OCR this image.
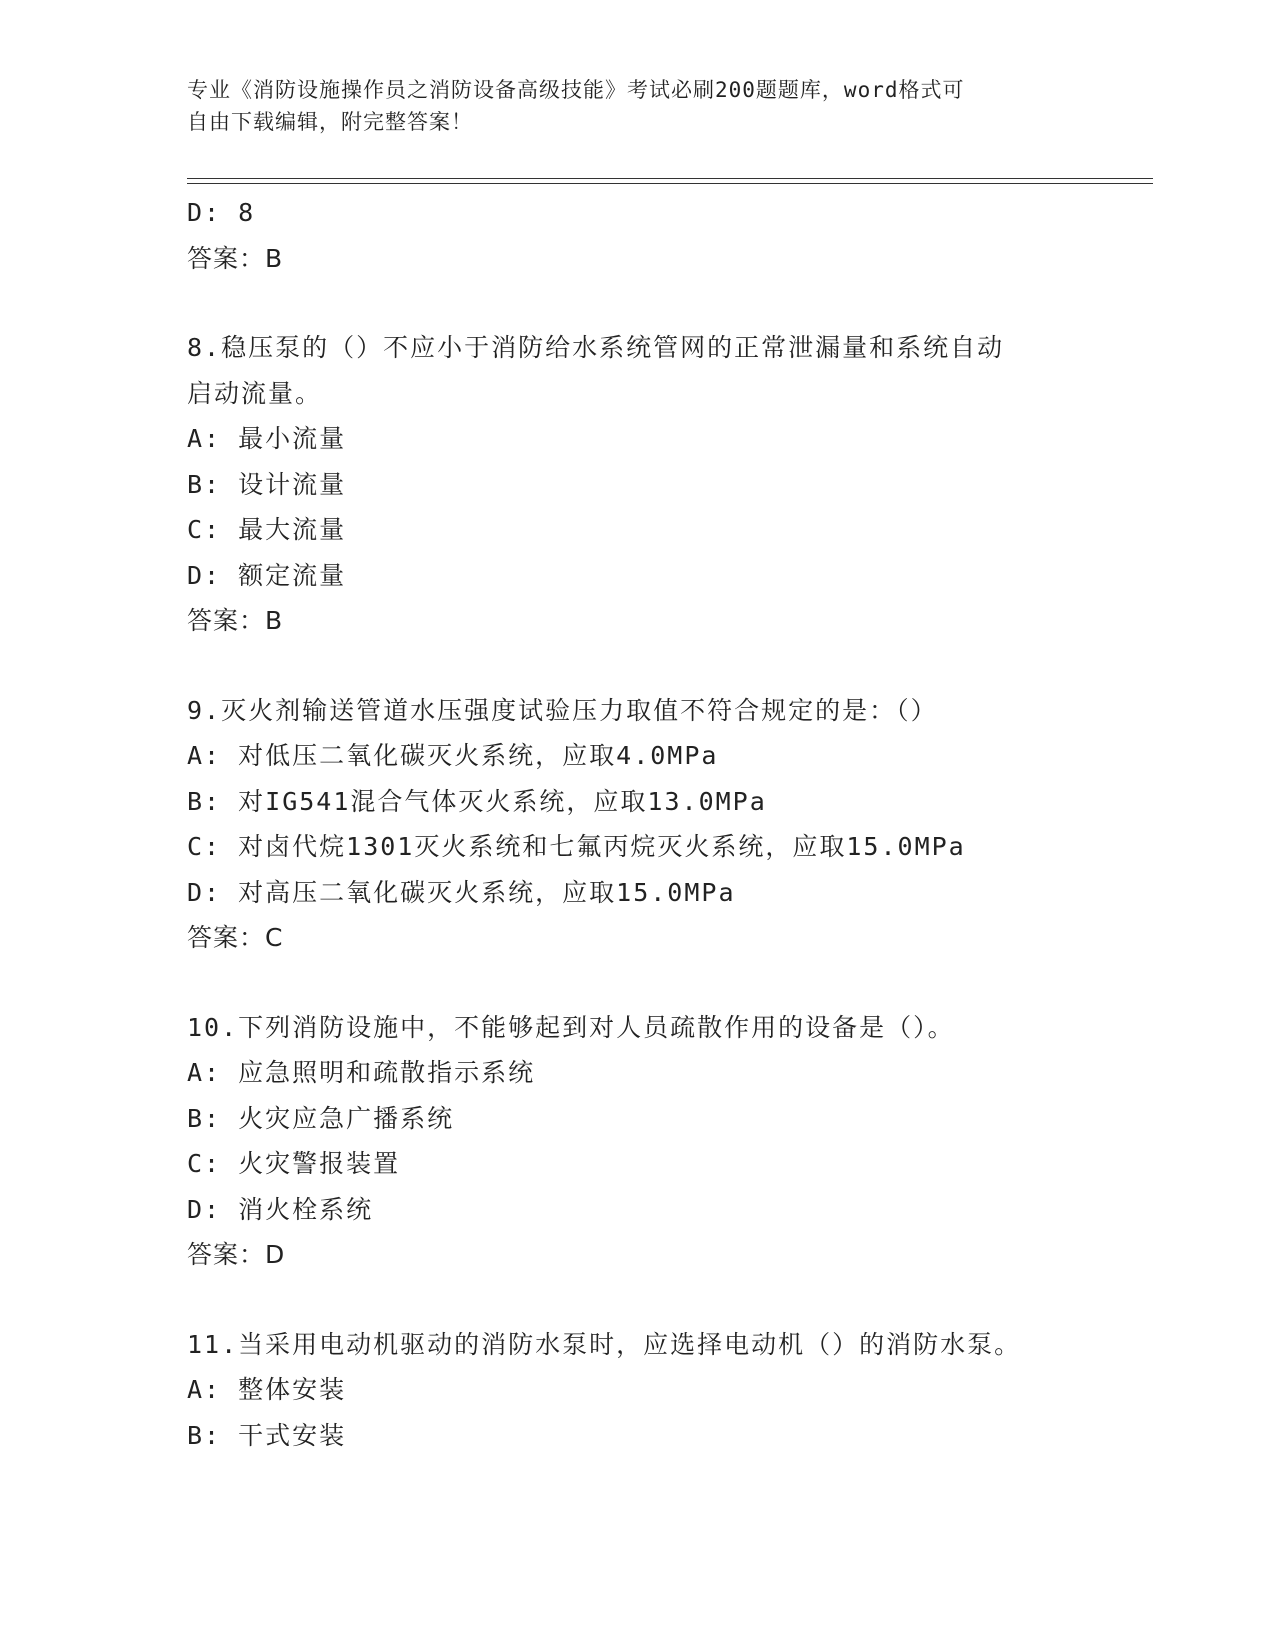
专业《消防设施操作员之消防设备高级技能》考试必刷200题题库，word格式可
自由下载编辑，附完整答案！
D: 8
答案：B
8.稳压泵的（）不应小于消防给水系统管网的正常泄漏量和系统自动
启动流量。
A: 最小流量
B: 设计流量
C: 最大流量
D: 额定流量
答案：B
9.灭火剂输送管道水压强度试验压力取值不符合规定的是：（）
A: 对低压二氧化碳灭火系统，应取4.0MPa
B: 对IG541混合气体灭火系统，应取13.0MPa
C: 对卤代烷1301灭火系统和七氟丙烷灭火系统，应取15.0MPa
D: 对高压二氧化碳灭火系统，应取15.0MPa
答案：C
10.下列消防设施中，不能够起到对人员疏散作用的设备是（）。
A: 应急照明和疏散指示系统
B: 火灾应急广播系统
C: 火灾警报装置
D: 消火栓系统
答案：D
11.当采用电动机驱动的消防水泵时，应选择电动机（）的消防水泵。
A: 整体安装
B: 干式安装
